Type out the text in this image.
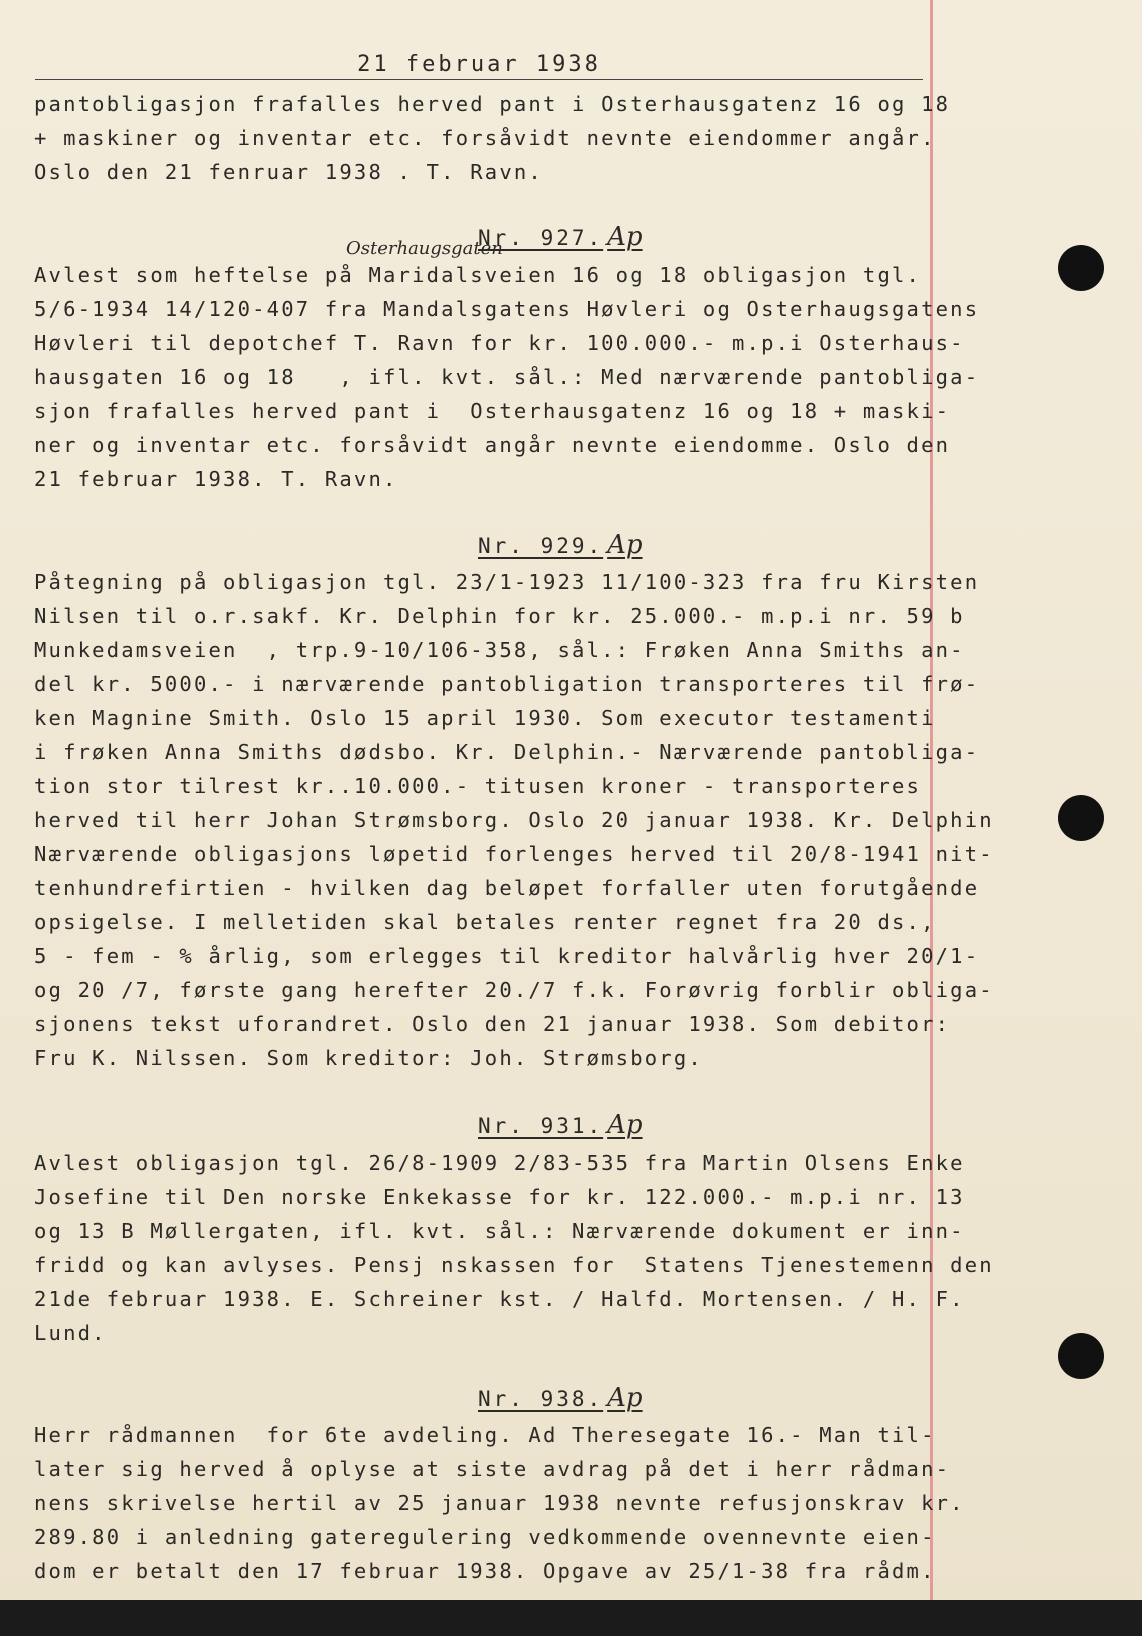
21 februar 1938
pantobligasjon frafalles herved pant i Osterhausgatenz 16 og 18
+ maskiner og inventar etc. forsåvidt nevnte eiendommer angår.
Oslo den 21 fenruar 1938 . T. Ravn.
Nr. 927. Ap
Osterhaugsgaten
Avlest som heftelse på Maridalsveien 16 og 18 obligasjon tgl.
5/6-1934 14/120-407 fra Mandalsgatens Høvleri og Osterhaugsgatens
Høvleri til depotchef T. Ravn for kr. 100.000.- m.p.i Osterhaus-
hausgaten 16 og 18   , ifl. kvt. sål.: Med nærværende pantobliga-
sjon frafalles herved pant i  Osterhausgatenz 16 og 18 + maski-
ner og inventar etc. forsåvidt angår nevnte eiendomme. Oslo den
21 februar 1938. T. Ravn.
Nr. 929. Ap
Påtegning på obligasjon tgl. 23/1-1923 11/100-323 fra fru Kirsten
Nilsen til o.r.sakf. Kr. Delphin for kr. 25.000.- m.p.i nr. 59 b
Munkedamsveien  , trp.9-10/106-358, sål.: Frøken Anna Smiths an-
del kr. 5000.- i nærværende pantobligation transporteres til frø-
ken Magnine Smith. Oslo 15 april 1930. Som executor testamenti
i frøken Anna Smiths dødsbo. Kr. Delphin.- Nærværende pantobliga-
tion stor tilrest kr..10.000.- titusen kroner - transporteres
herved til herr Johan Strømsborg. Oslo 20 januar 1938. Kr. Delphin
Nærværende obligasjons løpetid forlenges herved til 20/8-1941 nit-
tenhundrefirtien - hvilken dag beløpet forfaller uten forutgående
opsigelse. I melletiden skal betales renter regnet fra 20 ds.,
5 - fem - % årlig, som erlegges til kreditor halvårlig hver 20/1-
og 20 /7, første gang herefter 20./7 f.k. Forøvrig forblir obliga-
sjonens tekst uforandret. Oslo den 21 januar 1938. Som debitor:
Fru K. Nilssen. Som kreditor: Joh. Strømsborg.
Nr. 931. Ap
Avlest obligasjon tgl. 26/8-1909 2/83-535 fra Martin Olsens Enke
Josefine til Den norske Enkekasse for kr. 122.000.- m.p.i nr. 13
og 13 B Møllergaten, ifl. kvt. sål.: Nærværende dokument er inn-
fridd og kan avlyses. Pensj nskassen for  Statens Tjenestemenn den
21de februar 1938. E. Schreiner kst. / Halfd. Mortensen. / H. F.
Lund.
Nr. 938. Ap
Herr rådmannen  for 6te avdeling. Ad Theresegate 16.- Man til-
later sig herved å oplyse at siste avdrag på det i herr rådman-
nens skrivelse hertil av 25 januar 1938 nevnte refusjonskrav kr.
289.80 i anledning gateregulering vedkommende ovennevnte eien-
dom er betalt den 17 februar 1938. Opgave av 25/1-38 fra rådm.
